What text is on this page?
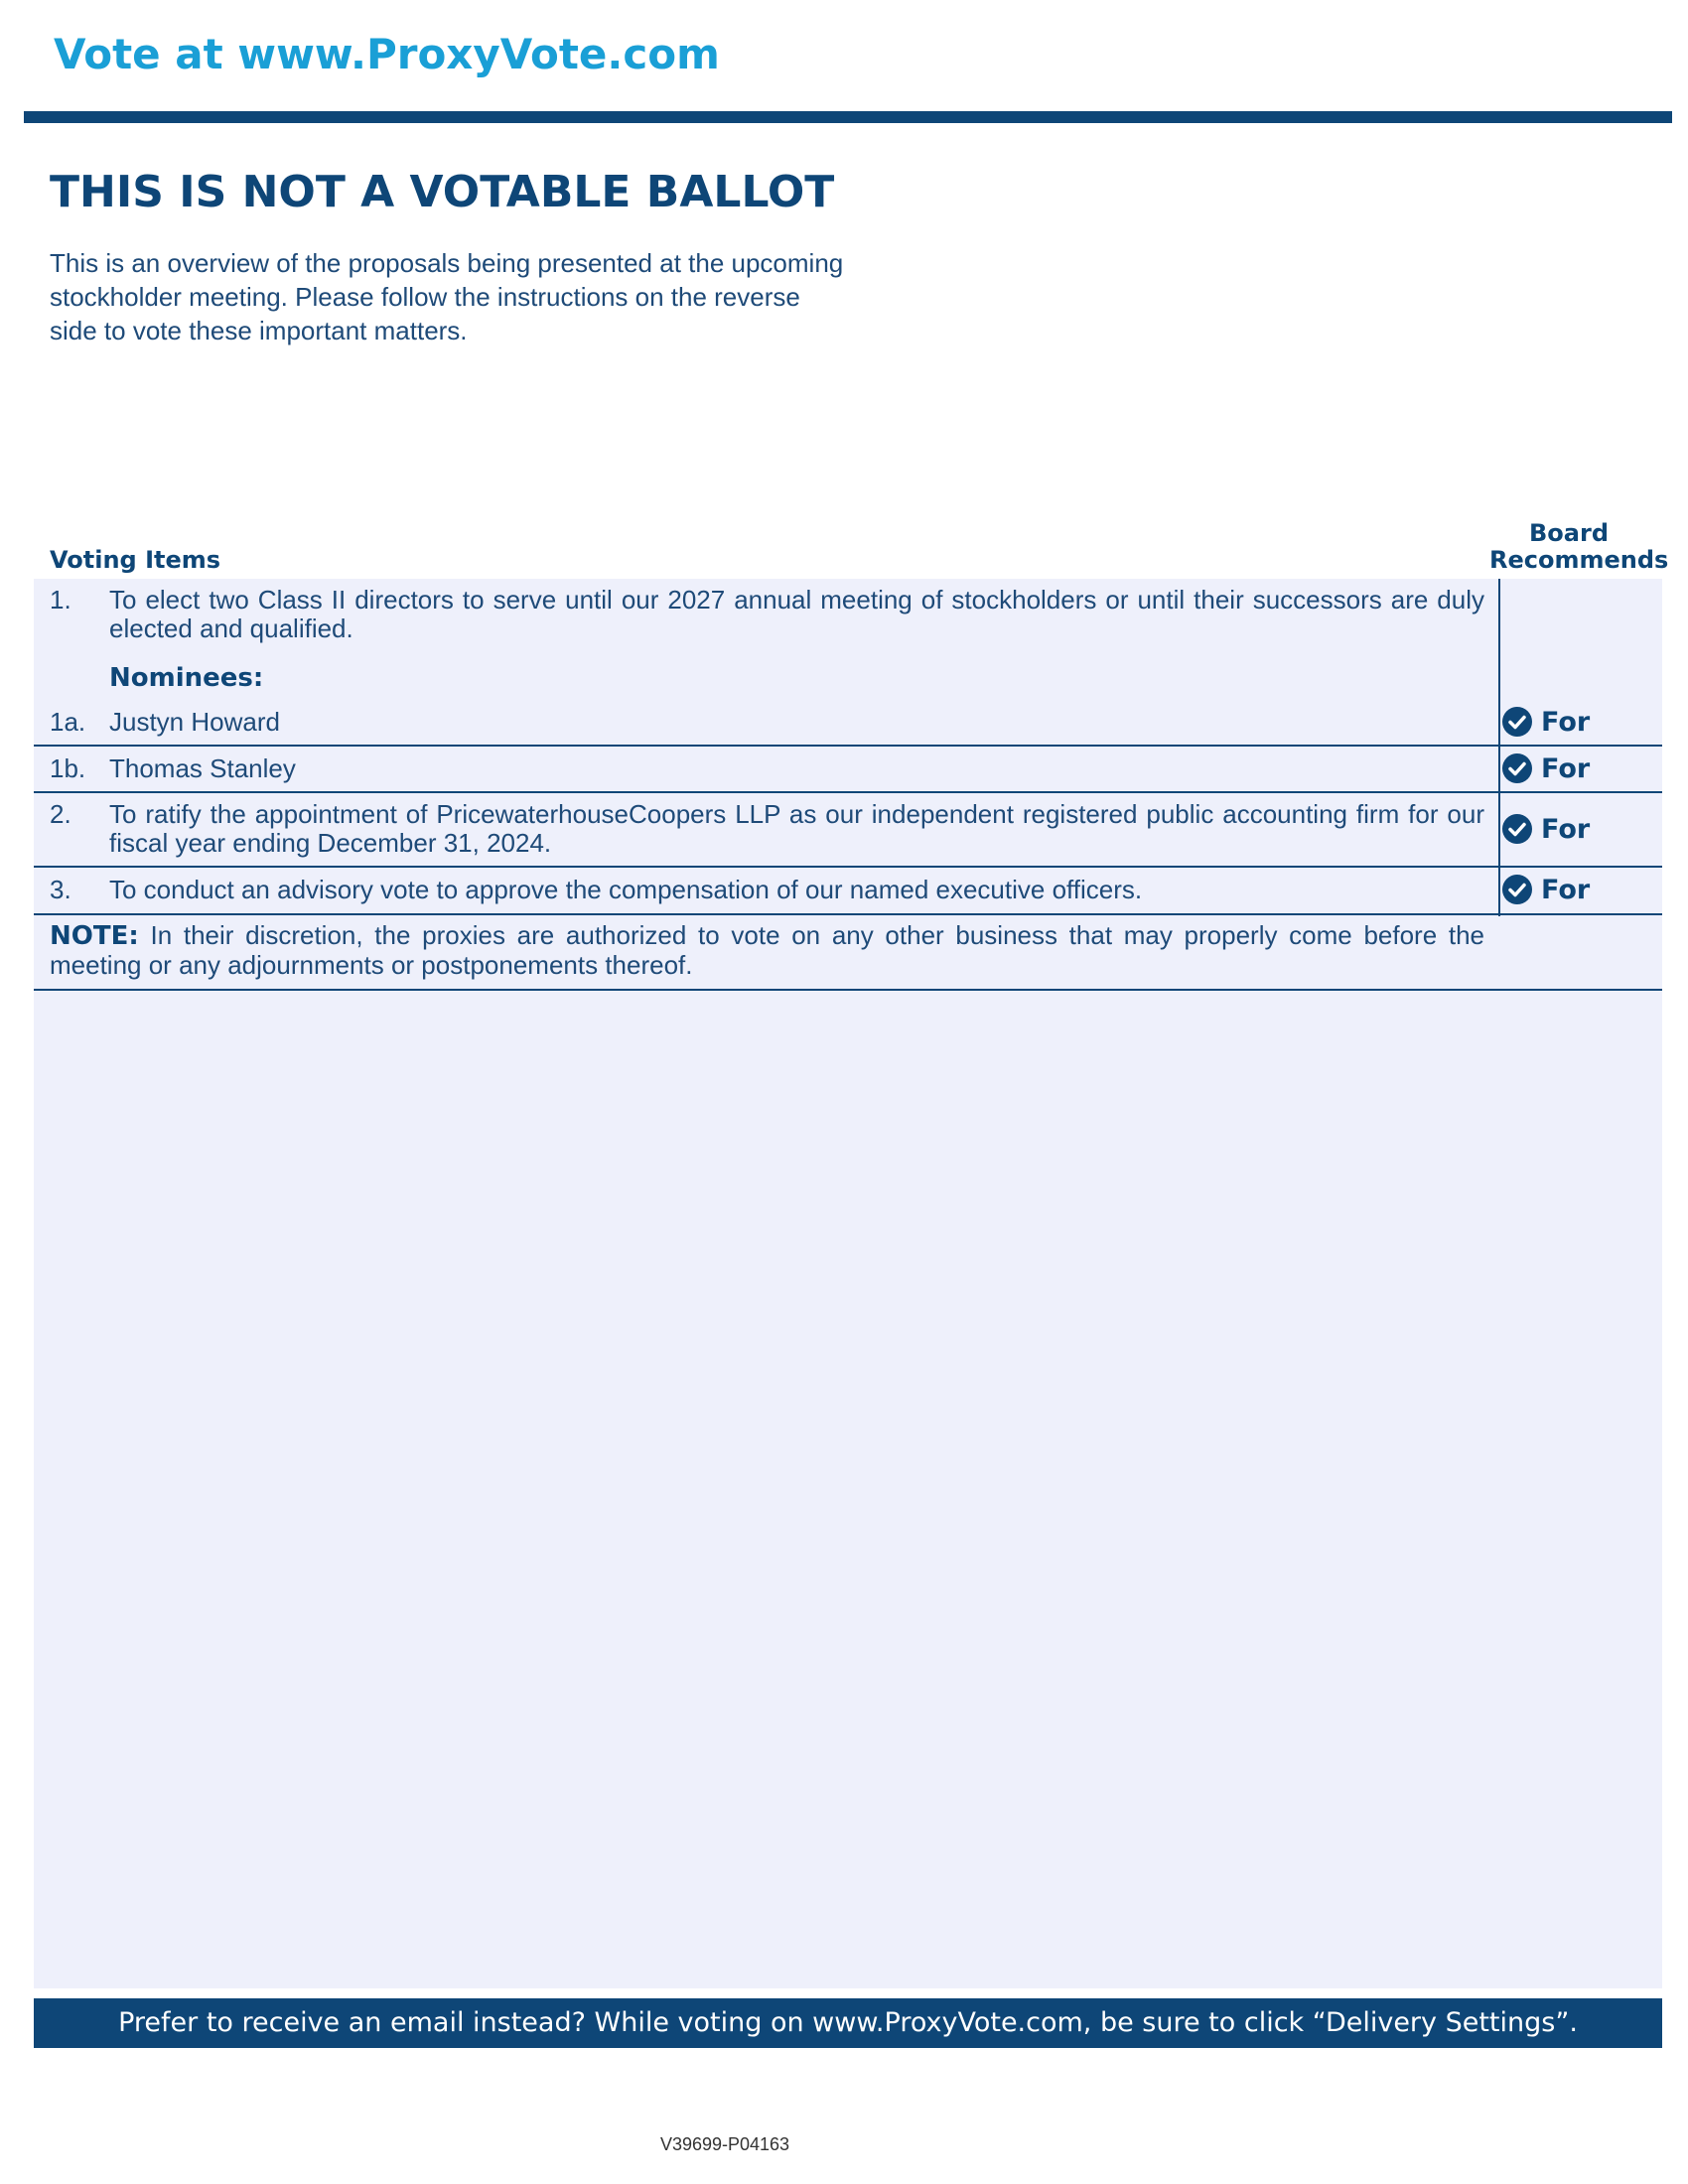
Vote at www.ProxyVote.com
THIS IS NOT A VOTABLE BALLOT
This is an overview of the proposals being presented at the upcoming stockholder meeting. Please follow the instructions on the reverse side to vote these important matters.
Board
Recommends
Voting Items
1.	To elect two Class II directors to serve until our 2027 annual meeting of stockholders or until their successors are duly elected and qualified.
Nominees:
1a. Justyn Howard	For
1b. Thomas Stanley	For
2.	To ratify the appointment of PricewaterhouseCoopers LLP as our independent registered public accounting firm for our fiscal year ending December 31, 2024.	For
3.	To conduct an advisory vote to approve the compensation of our named executive officers.	For
NOTE: In their discretion, the proxies are authorized to vote on any other business that may properly come before the meeting or any adjournments or postponements thereof.
Prefer to receive an email instead? While voting on www.ProxyVote.com, be sure to click “Delivery Settings”.
V39699-P04163
